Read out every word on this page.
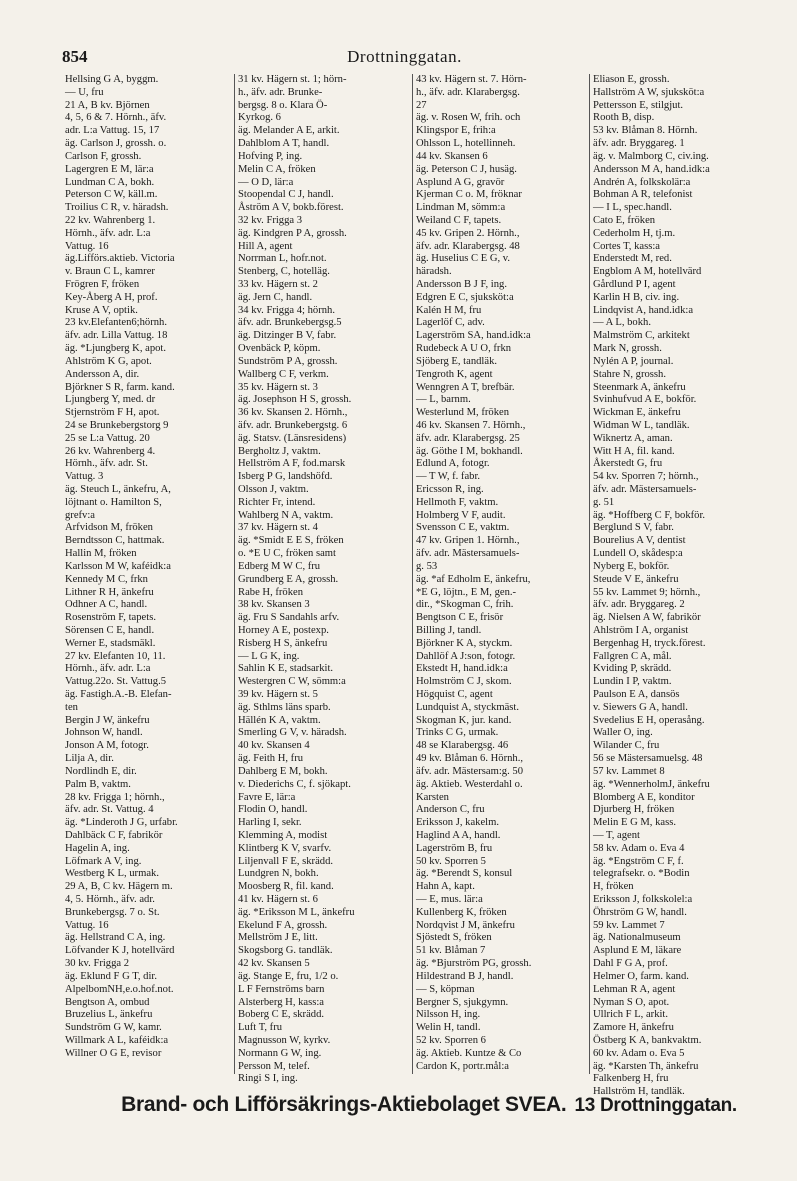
854	Drottninggatan.
Hellsing G A, byggm.
— U, fru
21 A, B kv. Björnen
4, 5, 6 & 7. Hörnh., äfv.
adr. L:a Vattug. 15, 17
äg. Carlson J, grossh. o.
Carlson F, grossh.
Lagergren E M, lär:a
Lundman C A, bokh.
Peterson C W, käll.m.
Troilius C R, v. häradsh.
22 kv. Wahrenberg 1.
Hörnh., äfv. adr. L:a
Vattug. 16
äg.Lifförs.aktieb. Victoria
v. Braun C L, kamrer
Frögren F, fröken
Key-Åberg A H, prof.
Kruse A V, optik.
23 kv.Elefanten6;hörnh.
äfv. adr. Lilla Vattug. 18
äg. *Ljungberg K, apot.
Ahlström K G, apot.
Andersson A, dir.
Björkner S R, farm. kand.
Ljungberg Y, med. dr
Stjernström F H, apot.
24 se Brunkebergstorg 9
25 se L:a Vattug. 20
26 kv. Wahrenberg 4.
Hörnh., äfv. adr. St.
Vattug. 3
äg. Steuch L, änkefru, A,
löjtnant o. Hamilton S,
grefv:a
Arfvidson M, fröken
Berndtsson C, hattmak.
Hallin M, fröken
Karlsson M W, kaféidk:a
Kennedy M C, frkn
Lithner R H, änkefru
Odhner A C, handl.
Rosenström F, tapets.
Sörensen C E, handl.
Werner E, stadsmäkl.
27 kv. Elefanten 10, 11.
Hörnh., äfv. adr. L:a
Vattug.22o. St. Vattug.5
äg. Fastigh.A.-B. Elefan-
ten
Bergin J W, änkefru
Johnson W, handl.
Jonson A M, fotogr.
Lilja A, dir.
Nordlindh E, dir.
Palm B, vaktm.
28 kv. Frigga 1; hörnh.,
äfv. adr. St. Vattug. 4
äg. *Linderoth J G, urfabr.
Dahlbäck C F, fabrikör
Hagelin A, ing.
Löfmark A V, ing.
Westberg K L, urmak.
29 A, B, C kv. Hägern m.
4, 5. Hörnh., äfv. adr.
Brunkebergsg. 7 o. St.
Vattug. 16
äg. Hellstrand C A, ing.
Löfvander K J, hotellvärd
30 kv. Frigga 2
äg. Eklund F G T, dir.
AlpelbomNH,e.o.hof.not.
Bengtson A, ombud
Bruzelius L, änkefru
Sundström G W, kamr.
Willmark A L, kaféidk:a
Willner O G E, revisor
31 kv. Hägern st. 1; hörn-
h., äfv. adr. Brunke-
bergsg. 8 o. Klara Ö-
Kyrkog. 6
äg. Melander A E, arkit.
Dahlblom A T, handl.
Hofving P, ing.
Melin C A, fröken
— O D, lär:a
Stoopendal C J, handl.
Åström A V, bokb.förest.
32 kv. Frigga 3
äg. Kindgren P A, grossh.
Hill A, agent
Norrman L, hofr.not.
Stenberg, C, hotelläg.
33 kv. Hägern st. 2
äg. Jern C, handl.
34 kv. Frigga 4; hörnh.
äfv. adr. Brunkebergsg.5
äg. Ditzinger B V, fabr.
Ovenbäck P, köpm.
Sundström P A, grossh.
Wallberg C F, verkm.
35 kv. Hägern st. 3
äg. Josephson H S, grossh.
36 kv. Skansen 2. Hörnh.,
äfv. adr. Brunkebergstg. 6
äg. Statsv. (Länsresidens)
Bergholtz J, vaktm.
Hellström A F, fod.marsk
Isberg P G, landshöfd.
Olsson J, vaktm.
Richter Fr, intend.
Wahlberg N A, vaktm.
37 kv. Hägern st. 4
äg. *Smidt E E S, fröken
o. *E U C, fröken samt
Edberg M W C, fru
Grundberg E A, grossh.
Rabe H, fröken
38 kv. Skansen 3
äg. Fru S Sandahls arfv.
Horney A E, postexp.
Risberg H S, änkefru
— L G K, ing.
Sahlin K E, stadsarkit.
Westergren C W, sömm:a
39 kv. Hägern st. 5
äg. Sthlms läns sparb.
Hällén K A, vaktm.
Smerling G V, v. häradsh.
40 kv. Skansen 4
äg. Feith H, fru
Dahlberg E M, bokh.
v. Diederichs C, f. sjökapt.
Favre E, lär:a
Flodin O, handl.
Harling I, sekr.
Klemming A, modist
Klintberg K V, svarfv.
Liljenvall F E, skrädd.
Lundgren N, bokh.
Moosberg R, fil. kand.
41 kv. Hägern st. 6
äg. *Eriksson M L, änkefru
Ekelund F A, grossh.
Mellström J E, litt.
Skogsborg G. tandläk.
42 kv. Skansen 5
äg. Stange E, fru, 1/2 o.
L F Fernströms barn
Alsterberg H, kass:a
Boberg C E, skrädd.
Luft T, fru
Magnusson W, kyrkv.
Normann G W, ing.
Persson M, telef.
Ringi S I, ing.
43 kv. Hägern st. 7. Hörn-
h., äfv. adr. Klarabergsg.
27
äg. v. Rosen W, frih. och
Klingspor E, frih:a
Ohlsson L, hotellinneh.
44 kv. Skansen 6
äg. Peterson C J, husäg.
Asplund A G, gravör
Kjerman C o. M, fröknar
Lindman M, sömm:a
Weiland C F, tapets.
45 kv. Gripen 2. Hörnh.,
äfv. adr. Klarabergsg. 48
äg. Huselius C E G, v.
häradsh.
Andersson B J F, ing.
Edgren E C, sjuksköt:a
Kalén H M, fru
Lagerlöf C, adv.
Lagerström SA, hand.idk:a
Rudebeck A U O, frkn
Sjöberg E, tandläk.
Tengroth K, agent
Wenngren A T, brefbär.
— L, barnm.
Westerlund M, fröken
46 kv. Skansen 7. Hörnh.,
äfv. adr. Klarabergsg. 25
äg. Göthe I M, bokhandl.
Edlund A, fotogr.
— T W, f. fabr.
Ericsson R, ing.
Hellmoth F, vaktm.
Holmberg V F, audit.
Svensson C E, vaktm.
47 kv. Gripen 1. Hörnh.,
äfv. adr. Mästersamuels-
g. 53
äg. *af Edholm E, änkefru,
*E G, löjtn., E M, gen.-
dir., *Skogman C, frih.
Bengtson C E, frisör
Billing J, tandl.
Björkner K A, styckm.
Dahllöf A J:son, fotogr.
Ekstedt H, hand.idk:a
Holmström C J, skom.
Högquist C, agent
Lundquist A, styckmäst.
Skogman K, jur. kand.
Trinks C G, urmak.
48 se Klarabergsg. 46
49 kv. Blåman 6. Hörnh.,
äfv. adr. Mästersam:g. 50
äg. Aktieb. Westerdahl o.
Karsten
Anderson C, fru
Eriksson J, kakelm.
Haglind A A, handl.
Lagerström B, fru
50 kv. Sporren 5
äg. *Berendt S, konsul
Hahn A, kapt.
— E, mus. lär:a
Kullenberg K, fröken
Nordqvist J M, änkefru
Sjöstedt S, fröken
51 kv. Blåman 7
äg. *Bjurström PG, grossh.
Hildestrand B J, handl.
— S, köpman
Bergner S, sjukgymn.
Nilsson H, ing.
Welin H, tandl.
52 kv. Sporren 6
äg. Aktieb. Kuntze & Co
Cardon K, portr.mål:a
Eliason E, grossh.
Hallström A W, sjuksköt:a
Pettersson E, stilgjut.
Rooth B, disp.
53 kv. Blåman 8. Hörnh.
äfv. adr. Bryggareg. 1
äg. v. Malmborg C, civ.ing.
Andersson M A, hand.idk:a
Andrén A, folkskolär:a
Bohman A R, telefonist
— I L, spec.handl.
Cato E, fröken
Cederholm H, tj.m.
Cortes T, kass:a
Enderstedt M, red.
Engblom A M, hotellvärd
Gårdlund P I, agent
Karlin H B, civ. ing.
Lindqvist A, hand.idk:a
— A L, bokh.
Malmström C, arkitekt
Mark N, grossh.
Nylén A P, journal.
Stahre N, grossh.
Steenmark A, änkefru
Svinhufvud A E, bokför.
Wickman E, änkefru
Widman W L, tandläk.
Wiknertz A, aman.
Witt H A, fil. kand.
Åkerstedt G, fru
54 kv. Sporren 7; hörnh.,
äfv. adr. Mästersamuels-
g. 51
äg. *Hoffberg C F, bokför.
Berglund S V, fabr.
Bourelius A V, dentist
Lundell O, skådesp:a
Nyberg E, bokför.
Steude V E, änkefru
55 kv. Lammet 9; hörnh.,
äfv. adr. Bryggareg. 2
äg. Nielsen A W, fabrikör
Ahlström I A, organist
Bergenhag H, tryck.förest.
Fallgren C A, mål.
Kviding P, skrädd.
Lundin I P, vaktm.
Paulson E A, dansös
v. Siewers G A, handl.
Svedelius E H, operasång.
Waller O, ing.
Wilander C, fru
56 se Mästersamuelsg. 48
57 kv. Lammet 8
äg. *WennerholmJ, änkefru
Blomberg A E, konditor
Djurberg H, fröken
Melin E G M, kass.
— T, agent
58 kv. Adam o. Eva 4
äg. *Engström C F, f.
telegrafsekr. o. *Bodin
H, fröken
Eriksson J, folkskolel:a
Öhrström G W, handl.
59 kv. Lammet 7
äg. Nationalmuseum
Asplund E M, läkare
Dahl F G A, prof.
Helmer O, farm. kand.
Lehman R A, agent
Nyman S O, apot.
Ullrich F L, arkit.
Zamore H, änkefru
Östberg K A, bankvaktm.
60 kv. Adam o. Eva 5
äg. *Karsten Th, änkefru
Falkenberg H, fru
Hallström H, tandläk.
Brand- och Lifförsäkrings-Aktiebolaget SVEA. 13 Drottninggatan.
